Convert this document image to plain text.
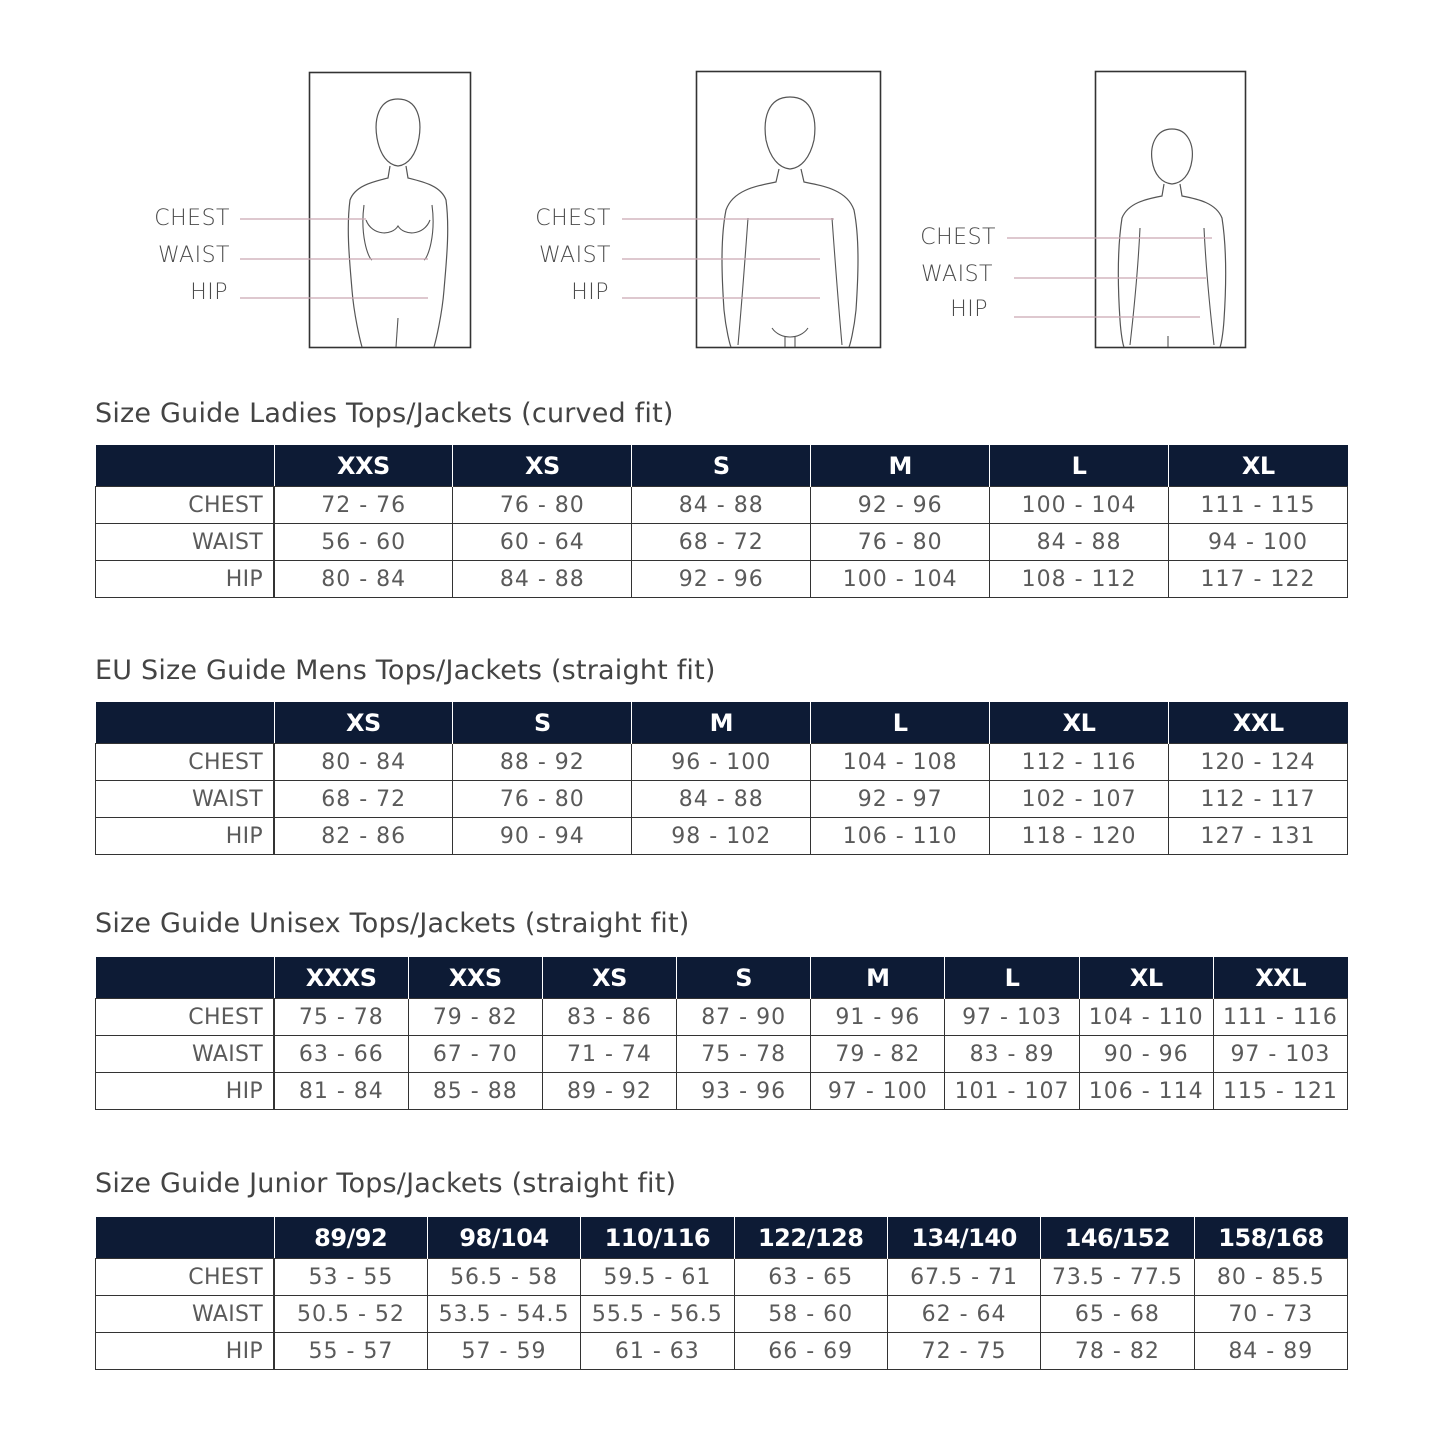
CHEST
WAIST
HIP
CHEST
WAIST
HIP
CHEST
WAIST
HIP
Size Guide Ladies Tops/Jackets (curved fit)
EU Size Guide Mens Tops/Jackets (straight fit)
Size Guide Unisex Tops/Jackets (straight fit)
Size Guide Junior Tops/Jackets (straight fit)
	XXS	XS	S	M	L	XL
CHEST	72 - 76	76 - 80	84 - 88	92 - 96	100 - 104	111 - 115
WAIST	56 - 60	60 - 64	68 - 72	76 - 80	84 - 88	94 - 100
HIP	80 - 84	84 - 88	92 - 96	100 - 104	108 - 112	117 - 122
	XS	S	M	L	XL	XXL
CHEST	80 - 84	88 - 92	96 - 100	104 - 108	112 - 116	120 - 124
WAIST	68 - 72	76 - 80	84 - 88	92 - 97	102 - 107	112 - 117
HIP	82 - 86	90 - 94	98 - 102	106 - 110	118 - 120	127 - 131
	XXXS	XXS	XS	S	M	L	XL	XXL
CHEST	75 - 78	79 - 82	83 - 86	87 - 90	91 - 96	97 - 103	104 - 110	111 - 116
WAIST	63 - 66	67 - 70	71 - 74	75 - 78	79 - 82	83 - 89	90 - 96	97 - 103
HIP	81 - 84	85 - 88	89 - 92	93 - 96	97 - 100	101 - 107	106 - 114	115 - 121
	89/92	98/104	110/116	122/128	134/140	146/152	158/168
CHEST	53 - 55	56.5 - 58	59.5 - 61	63 - 65	67.5 - 71	73.5 - 77.5	80 - 85.5
WAIST	50.5 - 52	53.5 - 54.5	55.5 - 56.5	58 - 60	62 - 64	65 - 68	70 - 73
HIP	55 - 57	57 - 59	61 - 63	66 - 69	72 - 75	78 - 82	84 - 89
